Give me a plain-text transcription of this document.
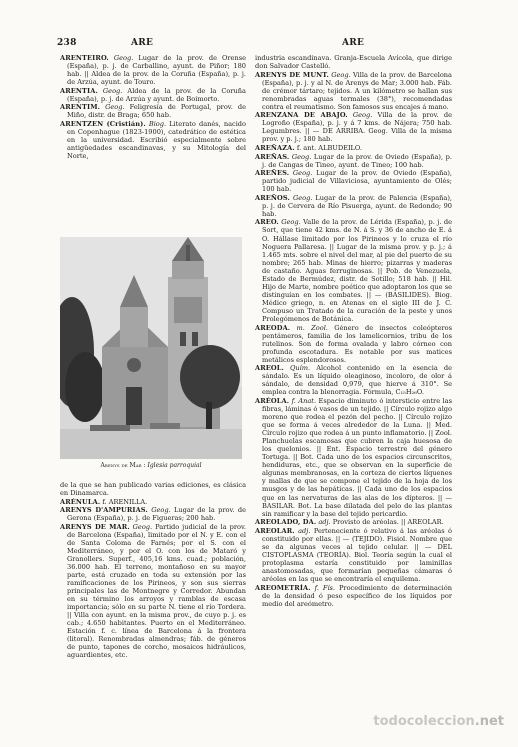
238	ARE	ARE

ARENTEIRO. Geog. Lugar de la prov. de Orense (España), p. j. de Carballino, ayunt. de Piñor; 180 hab. || Aldea de la prov. de la Coruña (España), p. j. de Arzúa, ayunt. de Touro.

ARENTIA. Geog. Aldea de la prov. de la Coruña (España), p. j. de Arzúa y ayunt. de Boimorto.

ARENTIM. Geog. Feligresía de Portugal, prov. de Miño, distr. de Braga; 650 hab.

ARENTZEN (Cristián). Biog. Literato danés, nacido en Copenhague (1823-1900), catedrático de estética en la universidad. Escribió especialmente sobre antigüedades escandinavas, y su Mitología del Norte,

Arenys de Mar : Iglesia parroquial

de la que se han publicado varias ediciones, es clásica en Dinamarca.

ARÉNULA. f. ARENILLA.

ARENYS D'AMPURIAS. Geog. Lugar de la prov. de Gerona (España), p. j. de Figueras; 200 hab.

ARENYS DE MAR. Geog. Partido judicial de la prov. de Barcelona (España), limitado por el N. y E. con el de Santa Coloma de Farnés; por el S. con el Mediterráneo, y por el O. con los de Mataró y Granollers. Superf., 405,16 kms. cuad.; población, 36.000 hab. El terreno, montañoso en su mayor parte, está cruzado en toda su extensión por las ramificaciones de los Pirineos, y son sus sierras principales las de Montnegre y Corredor. Abundan en su término los arroyos y ramblas de escasa importancia; sólo en su parte N. tiene el río Tordera. || Villa con ayunt. en la misma prov., de cuyo p. j. es cab.; 4.650 habitantes. Puerto en el Mediterráneo. Estación f. c. línea de Barcelona á la frontera (litoral). Renombradas almendras; fáb. de géneros de punto, tapones de corcho, mosaicos hidráulicos, aguardientes, etc.

industria escandinava. Granja-Escuela Avícola, que dirige don Salvador Castelló.

ARENYS DE MUNT. Geog. Villa de la prov. de Barcelona (España), p. j. y al N. de Arenys de Mar; 3.000 hab. Fáb. de crémor tártaro; tejidos. A un kilómetro se hallan sus renombradas aguas termales (38°), recomendadas contra el reumatismo. Son famosos sus encajes á mano.

ARENZANA DE ABAJO. Geog. Villa de la prov. de Logroño (España), p. j. y á 7 kms. de Nájera; 750 hab. Legumbres. || — DE ARRIBA. Geog. Villa de la misma prov. y p. j.; 180 hab.

AREÑAZA. f. ant. ALBUDEILO.

AREÑAS. Geog. Lugar de la prov. de Oviedo (España), p. j. de Cangas de Tineo, ayunt. de Tineo; 100 hab.

AREÑES. Geog. Lugar de la prov. de Oviedo (España), partido judicial de Villaviciosa, ayuntamiento de Olés; 100 hab.

AREÑOS. Geog. Lugar de la prov. de Palencia (España), p. j. de Cervera de Río Pisuerga, ayunt. de Redondo; 90 hab.

AREO. Geog. Valle de la prov. de Lérida (España), p. j. de Sort, que tiene 42 kms. de N. á S. y 36 de ancho de E. á O. Hállase limitado por los Pirineos y lo cruza el río Noguera Pallaresa. || Lugar de la misma prov. y p. j.; á 1.465 mts. sobre el nivel del mar, al pie del puerto de su nombre; 265 hab. Minas de hierro; pizarras y maderas de castaño. Aguas ferruginosas. || Pob. de Venezuela, Estado de Bermúdez, distr. de Sotillo; 518 hab. || Hil. Hijo de Marte, nombre poético que adoptaron los que se distinguían en los combates. || — (BASILIDES). Biog. Médico griego, n. en Atenas en el siglo III de J. C. Compuso un Tratado de la curación de la peste y unos Prolegómenos de Botánica.

AREODA. m. Zool. Género de insectos coleópteros pentámeros, familia de los lamelicornios, tribu de los rutelinos. Son de forma ovalada y labro córneo con profunda escotadura. Es notable por sus matices metálicos esplendorosos.

AREOL. Quím. Alcohol contenido en la esencia de sándalo. Es un líquido oleaginoso, incoloro, de olor á sándalo, de densidad 0,979, que hierve á 310°. Se emplea contra la blenorragia. Fórmula, C₁₅H₂₆O.

ARÉOLA. f. Anat. Espacio diminuto ó intersticio entre las fibras, láminas ó vasos de un tejido. || Círculo rojizo algo moreno que rodea el pezón del pecho. || Círculo rojizo que se forma á veces alrededor de la Luna. || Med. Círculo rojizo que rodea á un punto inflamatorio. || Zool. Planchuelas escamosas que cubren la caja huesosa de los quelonios. || Ent. Espacio terrestre del género Tortuga. || Bot. Cada uno de los espacios circunscritos, hendiduras, etc., que se observan en la superficie de algunas membranosas, en la corteza de ciertos líquenes y mallas de que se compone el tejido de la hoja de los musgos y de las hepáticas. || Cada uno de los espacios que en las nervaturas de las alas de los dípteros. || — BASILAR. Bot. La base dilatada del pelo de las plantas sin ramificar y la base del tejido pericardio.

AREOLADO, DA. adj. Provisto de aréolas. || AREOLAR.

AREOLAR. adj. Perteneciente ó relativo á las aréolas ó constituido por ellas. || — (TEJIDO). Fisiol. Nombre que se da algunas veces al tejido celular. || — DEL CISTOPLASMA (TEORÍA). Biol. Teoría según la cual el protoplasma estaría constituido por laminillas anastomosadas, que formarían pequeñas cámaras ó aréolas en las que se encontraría el enquilema.

AREOMETRÍA. f. Fís. Procedimiento de determinación de la densidad ó peso específico de los líquidos por medio del areómetro.

todocoleccion.net
